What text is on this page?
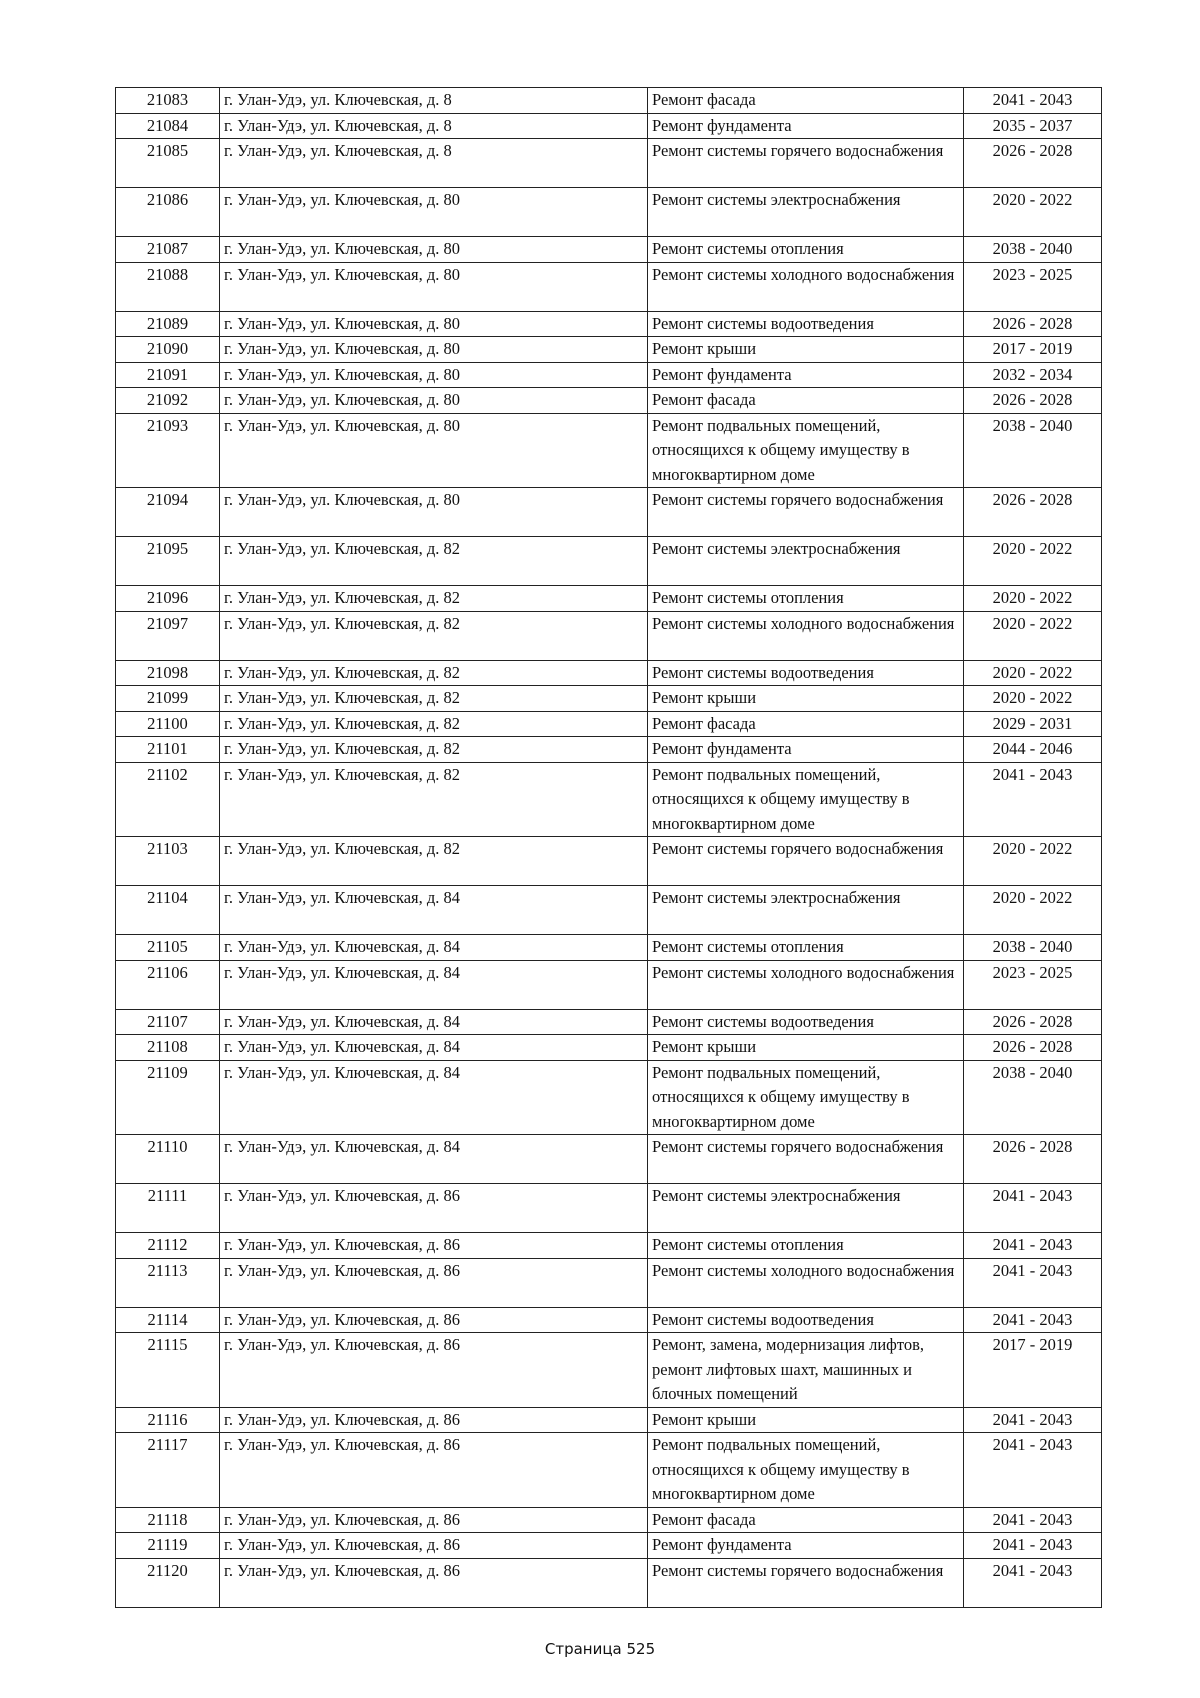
21083	г. Улан-Удэ, ул. Ключевская, д. 8	Ремонт фасада	2041 - 2043
21084	г. Улан-Удэ, ул. Ключевская, д. 8	Ремонт фундамента	2035 - 2037
21085	г. Улан-Удэ, ул. Ключевская, д. 8	Ремонт системы горячего водоснабжения	2026 - 2028
21086	г. Улан-Удэ, ул. Ключевская, д. 80	Ремонт системы электроснабжения	2020 - 2022
21087	г. Улан-Удэ, ул. Ключевская, д. 80	Ремонт системы отопления	2038 - 2040
21088	г. Улан-Удэ, ул. Ключевская, д. 80	Ремонт системы холодного водоснабжения	2023 - 2025
21089	г. Улан-Удэ, ул. Ключевская, д. 80	Ремонт системы водоотведения	2026 - 2028
21090	г. Улан-Удэ, ул. Ключевская, д. 80	Ремонт крыши	2017 - 2019
21091	г. Улан-Удэ, ул. Ключевская, д. 80	Ремонт фундамента	2032 - 2034
21092	г. Улан-Удэ, ул. Ключевская, д. 80	Ремонт фасада	2026 - 2028
21093	г. Улан-Удэ, ул. Ключевская, д. 80	Ремонт подвальных помещений, относящихся к общему имуществу в многоквартирном доме	2038 - 2040
21094	г. Улан-Удэ, ул. Ключевская, д. 80	Ремонт системы горячего водоснабжения	2026 - 2028
21095	г. Улан-Удэ, ул. Ключевская, д. 82	Ремонт системы электроснабжения	2020 - 2022
21096	г. Улан-Удэ, ул. Ключевская, д. 82	Ремонт системы отопления	2020 - 2022
21097	г. Улан-Удэ, ул. Ключевская, д. 82	Ремонт системы холодного водоснабжения	2020 - 2022
21098	г. Улан-Удэ, ул. Ключевская, д. 82	Ремонт системы водоотведения	2020 - 2022
21099	г. Улан-Удэ, ул. Ключевская, д. 82	Ремонт крыши	2020 - 2022
21100	г. Улан-Удэ, ул. Ключевская, д. 82	Ремонт фасада	2029 - 2031
21101	г. Улан-Удэ, ул. Ключевская, д. 82	Ремонт фундамента	2044 - 2046
21102	г. Улан-Удэ, ул. Ключевская, д. 82	Ремонт подвальных помещений, относящихся к общему имуществу в многоквартирном доме	2041 - 2043
21103	г. Улан-Удэ, ул. Ключевская, д. 82	Ремонт системы горячего водоснабжения	2020 - 2022
21104	г. Улан-Удэ, ул. Ключевская, д. 84	Ремонт системы электроснабжения	2020 - 2022
21105	г. Улан-Удэ, ул. Ключевская, д. 84	Ремонт системы отопления	2038 - 2040
21106	г. Улан-Удэ, ул. Ключевская, д. 84	Ремонт системы холодного водоснабжения	2023 - 2025
21107	г. Улан-Удэ, ул. Ключевская, д. 84	Ремонт системы водоотведения	2026 - 2028
21108	г. Улан-Удэ, ул. Ключевская, д. 84	Ремонт крыши	2026 - 2028
21109	г. Улан-Удэ, ул. Ключевская, д. 84	Ремонт подвальных помещений, относящихся к общему имуществу в многоквартирном доме	2038 - 2040
21110	г. Улан-Удэ, ул. Ключевская, д. 84	Ремонт системы горячего водоснабжения	2026 - 2028
21111	г. Улан-Удэ, ул. Ключевская, д. 86	Ремонт системы электроснабжения	2041 - 2043
21112	г. Улан-Удэ, ул. Ключевская, д. 86	Ремонт системы отопления	2041 - 2043
21113	г. Улан-Удэ, ул. Ключевская, д. 86	Ремонт системы холодного водоснабжения	2041 - 2043
21114	г. Улан-Удэ, ул. Ключевская, д. 86	Ремонт системы водоотведения	2041 - 2043
21115	г. Улан-Удэ, ул. Ключевская, д. 86	Ремонт, замена, модернизация лифтов, ремонт лифтовых шахт, машинных и блочных помещений	2017 - 2019
21116	г. Улан-Удэ, ул. Ключевская, д. 86	Ремонт крыши	2041 - 2043
21117	г. Улан-Удэ, ул. Ключевская, д. 86	Ремонт подвальных помещений, относящихся к общему имуществу в многоквартирном доме	2041 - 2043
21118	г. Улан-Удэ, ул. Ключевская, д. 86	Ремонт фасада	2041 - 2043
21119	г. Улан-Удэ, ул. Ключевская, д. 86	Ремонт фундамента	2041 - 2043
21120	г. Улан-Удэ, ул. Ключевская, д. 86	Ремонт системы горячего водоснабжения	2041 - 2043
Страница 525
